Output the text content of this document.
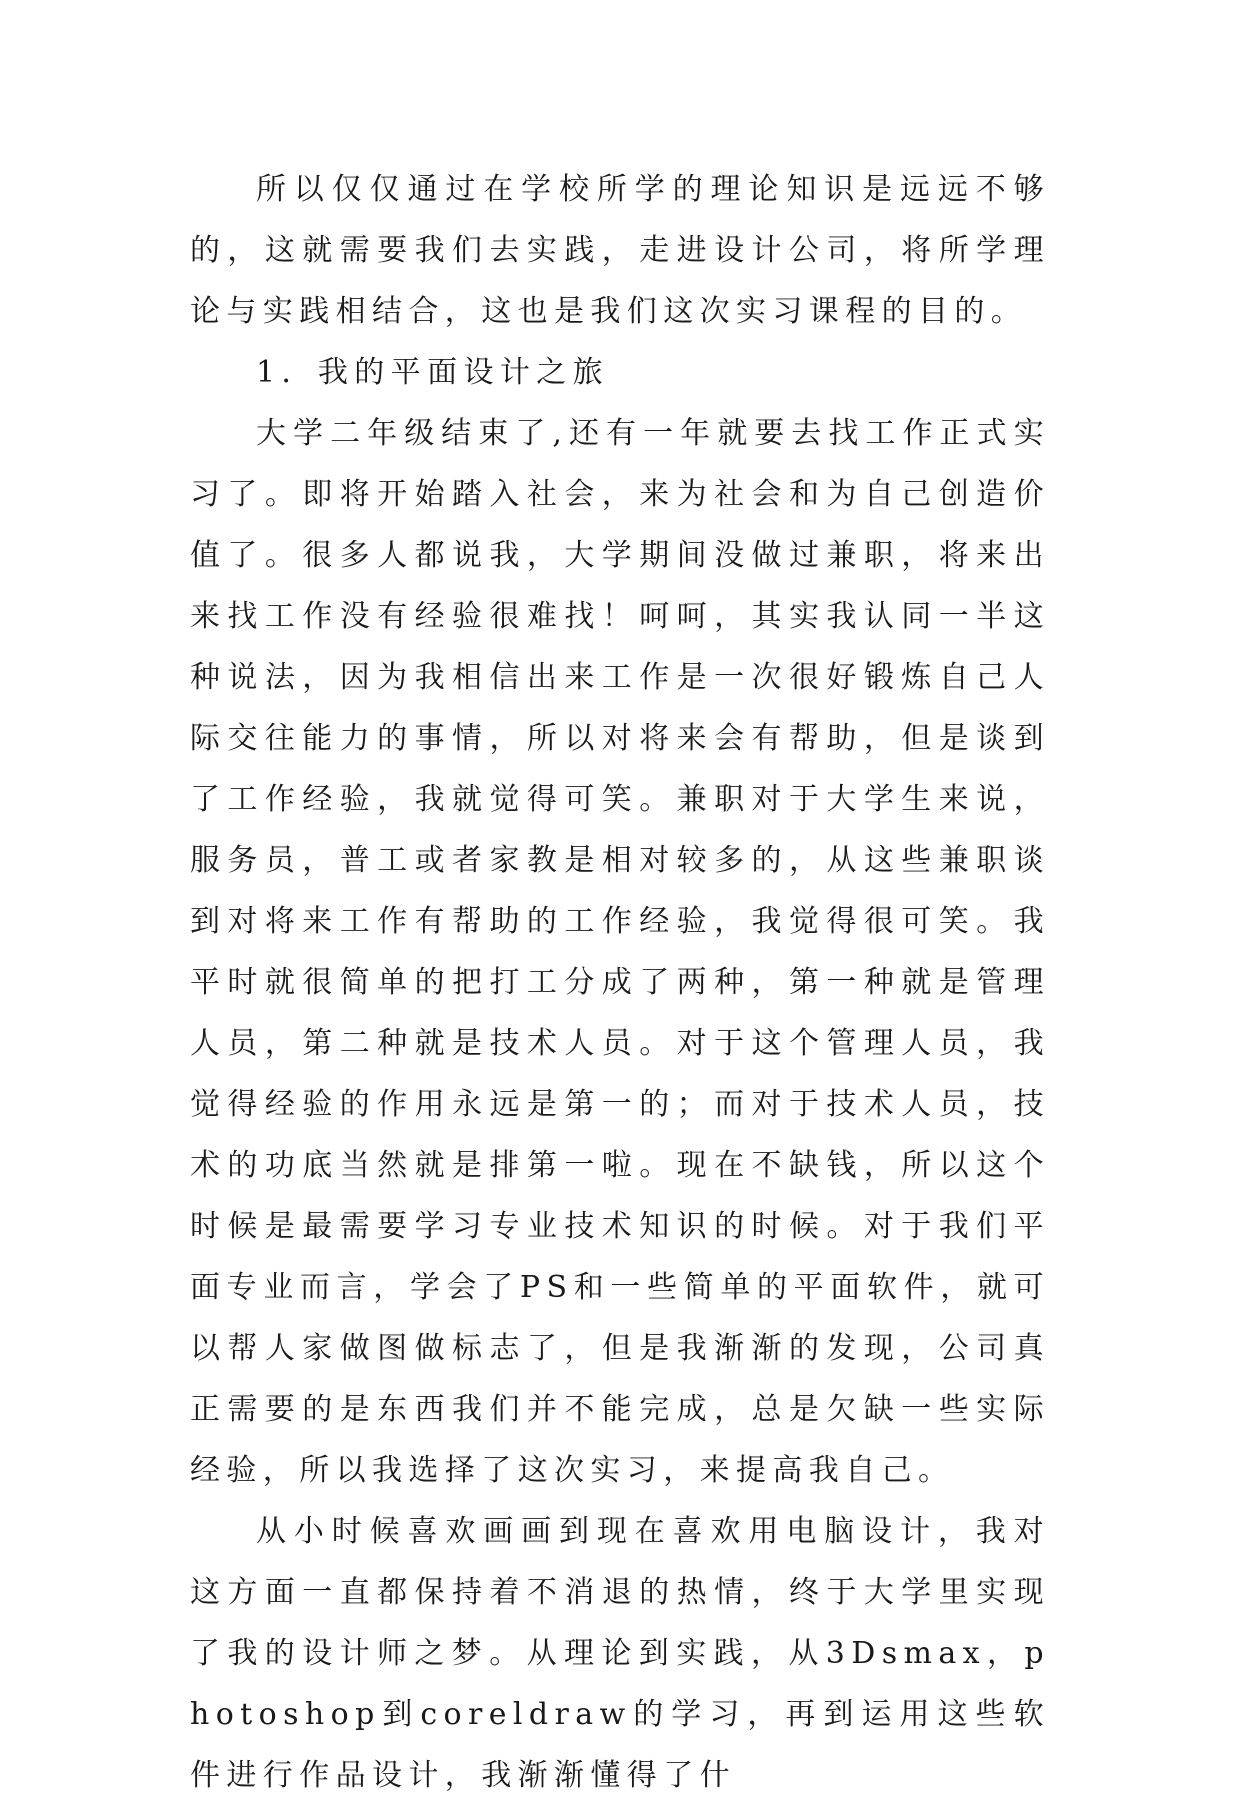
所以仅仅通过在学校所学的理论知识是远远不够的，这就需要我们去实践，走进设计公司，将所学理论与实践相结合，这也是我们这次实习课程的目的。

1．我的平面设计之旅

大学二年级结束了,还有一年就要去找工作正式实习了。即将开始踏入社会，来为社会和为自己创造价值了。很多人都说我，大学期间没做过兼职，将来出来找工作没有经验很难找！呵呵，其实我认同一半这种说法，因为我相信出来工作是一次很好锻炼自己人际交往能力的事情，所以对将来会有帮助，但是谈到了工作经验，我就觉得可笑。兼职对于大学生来说，服务员，普工或者家教是相对较多的，从这些兼职谈到对将来工作有帮助的工作经验，我觉得很可笑。我平时就很简单的把打工分成了两种，第一种就是管理人员，第二种就是技术人员。对于这个管理人员，我觉得经验的作用永远是第一的；而对于技术人员，技术的功底当然就是排第一啦。现在不缺钱，所以这个时候是最需要学习专业技术知识的时候。对于我们平面专业而言，学会了PS和一些简单的平面软件，就可以帮人家做图做标志了，但是我渐渐的发现，公司真正需要的是东西我们并不能完成，总是欠缺一些实际经验，所以我选择了这次实习，来提高我自己。

从小时候喜欢画画到现在喜欢用电脑设计，我对这方面一直都保持着不消退的热情，终于大学里实现了我的设计师之梦。从理论到实践，从3Dsmax，photoshop到coreldraw的学习，再到运用这些软件进行作品设计，我渐渐懂得了什
